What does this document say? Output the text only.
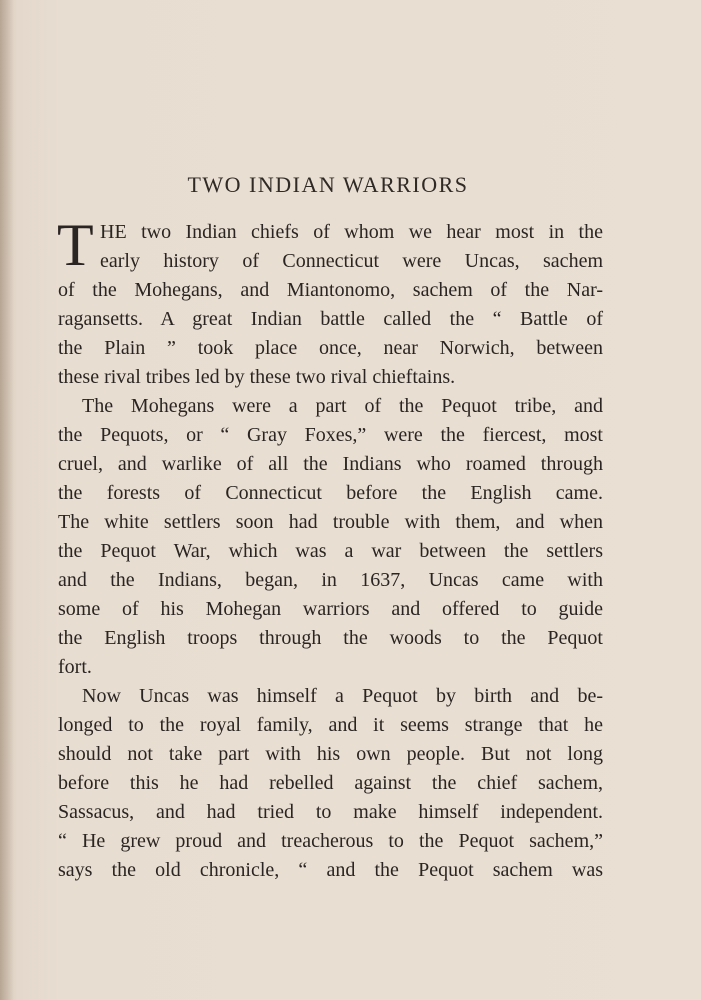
TWO INDIAN WARRIORS
T HE two Indian chiefs of whom we hear most in the

early history of Connecticut were Uncas, sachem

of the Mohegans, and Miantonomo, sachem of the Nar-

ragansetts. A great Indian battle called the “ Battle of

the Plain ” took place once, near Norwich, between

these rival tribes led by these two rival chieftains.

The Mohegans were a part of the Pequot tribe, and

the Pequots, or “ Gray Foxes,” were the fiercest, most

cruel, and warlike of all the Indians who roamed through

the forests of Connecticut before the English came.

The white settlers soon had trouble with them, and when

the Pequot War, which was a war between the settlers

and the Indians, began, in 1637, Uncas came with

some of his Mohegan warriors and offered to guide

the English troops through the woods to the Pequot

fort.

Now Uncas was himself a Pequot by birth and be-

longed to the royal family, and it seems strange that he

should not take part with his own people. But not long

before this he had rebelled against the chief sachem,

Sassacus, and had tried to make himself independent.

“ He grew proud and treacherous to the Pequot sachem,”

says the old chronicle, “ and the Pequot sachem was
